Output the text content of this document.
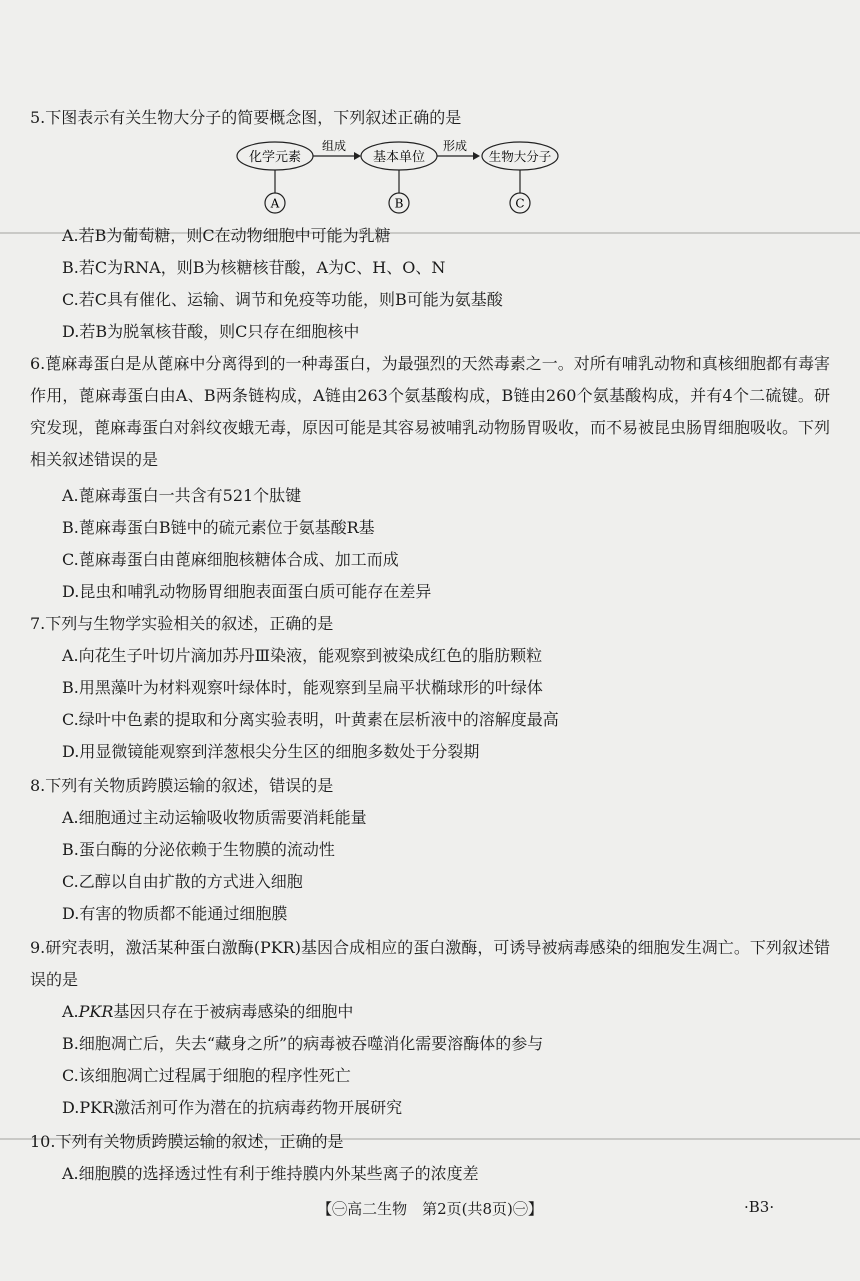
5.下图表示有关生物大分子的简要概念图，下列叙述正确的是
化学元素
组成
基本单位
形成
生物大分子
A	B	C
A.若B为葡萄糖，则C在动物细胞中可能为乳糖
B.若C为RNA，则B为核糖核苷酸，A为C、H、O、N
C.若C具有催化、运输、调节和免疫等功能，则B可能为氨基酸
D.若B为脱氧核苷酸，则C只存在细胞核中
6.蓖麻毒蛋白是从蓖麻中分离得到的一种毒蛋白，为最强烈的天然毒素之一。对所有哺乳动物和真核细胞都有毒害作用，蓖麻毒蛋白由A、B两条链构成，A链由263个氨基酸构成，B链由260个氨基酸构成，并有4个二硫键。研究发现，蓖麻毒蛋白对斜纹夜蛾无毒，原因可能是其容易被哺乳动物肠胃吸收，而不易被昆虫肠胃细胞吸收。下列相关叙述错误的是
A.蓖麻毒蛋白一共含有521个肽键
B.蓖麻毒蛋白B链中的硫元素位于氨基酸R基
C.蓖麻毒蛋白由蓖麻细胞核糖体合成、加工而成
D.昆虫和哺乳动物肠胃细胞表面蛋白质可能存在差异
7.下列与生物学实验相关的叙述，正确的是
A.向花生子叶切片滴加苏丹Ⅲ染液，能观察到被染成红色的脂肪颗粒
B.用黑藻叶为材料观察叶绿体时，能观察到呈扁平状椭球形的叶绿体
C.绿叶中色素的提取和分离实验表明，叶黄素在层析液中的溶解度最高
D.用显微镜能观察到洋葱根尖分生区的细胞多数处于分裂期
8.下列有关物质跨膜运输的叙述，错误的是
A.细胞通过主动运输吸收物质需要消耗能量
B.蛋白酶的分泌依赖于生物膜的流动性
C.乙醇以自由扩散的方式进入细胞
D.有害的物质都不能通过细胞膜
9.研究表明，激活某种蛋白激酶(PKR)基因合成相应的蛋白激酶，可诱导被病毒感染的细胞发生凋亡。下列叙述错误的是
A.PKR基因只存在于被病毒感染的细胞中
B.细胞凋亡后，失去“藏身之所”的病毒被吞噬消化需要溶酶体的参与
C.该细胞凋亡过程属于细胞的程序性死亡
D.PKR激活剂可作为潜在的抗病毒药物开展研究
10.下列有关物质跨膜运输的叙述，正确的是
A.细胞膜的选择透过性有利于维持膜内外某些离子的浓度差
【㊀高二生物　第2页(共8页)㊀】	·B3·
